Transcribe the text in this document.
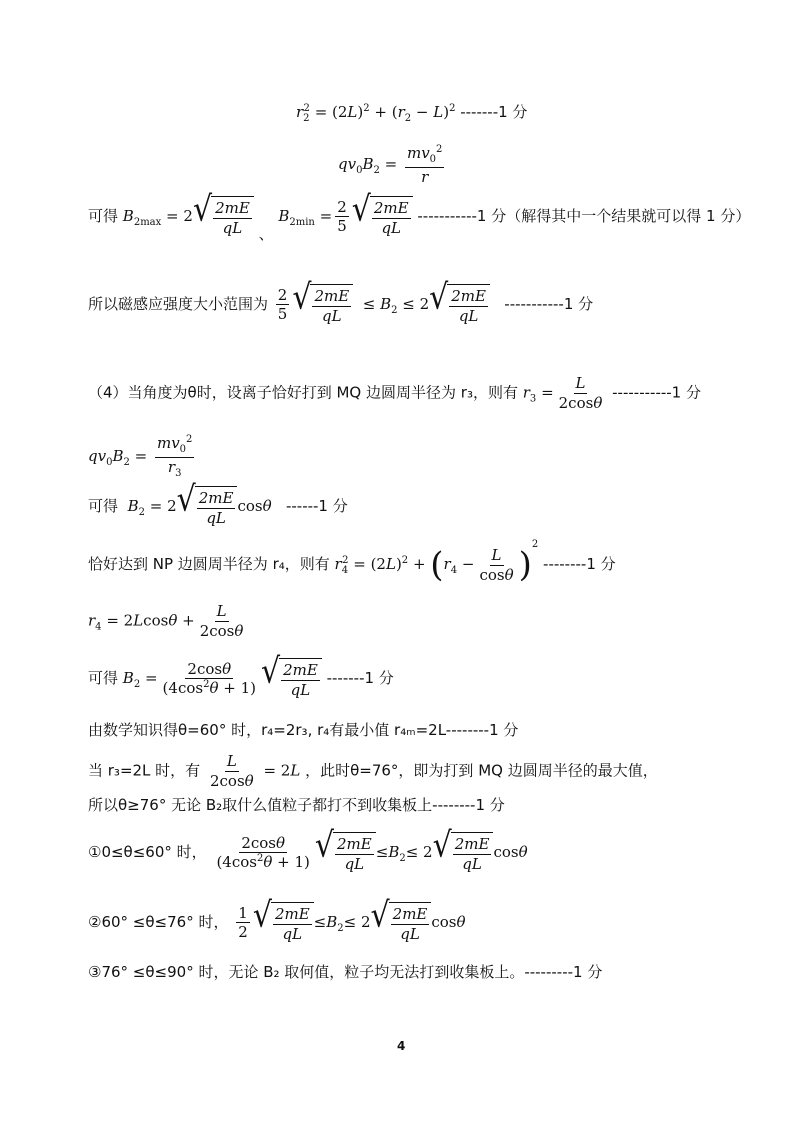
$r_2^2 = (2L)^2 + (r_2 - L)^2$ -------1 分
$qv_0B_2 = \frac{mv_0^2}{r}$
可得 $B_{2max} = 2$ √ $\frac{2mE}{qL}$ 、 $B_{2min} = \frac{2}{5}$ √ $\frac{2mE}{qL} -----------1$ 分（解得其中一个结果就可以得 1 分）
所以磁感应强度大小范围为 $\frac{2}{5}$ √ $\frac{2mE}{qL} \le B_2 \le 2$ √ $\frac{2mE}{qL} -----------1$ 分
（4）当角度为θ时，设离子恰好打到 MQ 边圆周半径为 r₃，则有 $r_3 = \frac{L}{2\cos\theta} -----------1$ 分
$qv_0B_2 = \frac{mv_0^2}{r_3}$
可得 $B_2 = 2$ √ $\frac{2mE}{qL}$ cosθ ------1 分
恰好达到 NP 边圆周半径为 r₄，则有 $r_4^2 = (2L)^2 + (r_4 - \frac{L}{\cos\theta} )^2$ --------1 分
$r_4 = 2Lcos\theta + \frac{L}{2\cos\theta}$
可得 $B_2 = \frac{2\cos\theta}{(4\cos^2\theta + 1)}$ √ $\frac{2mE}{qL} -------1$ 分
由数学知识得θ=60° 时，r₄=2r₃, r₄有最小值 r₄ₘ=2L--------1 分
当 r₃=2L 时，有 $\frac{L}{2\cos\theta} = 2L$ ，此时θ=76°，即为打到 MQ 边圆周半径的最大值，
所以θ≥76° 无论 B₂取什么值粒子都打不到收集板上--------1 分
①0≤θ≤60° 时， $\frac{2\cos\theta}{(4\cos^2\theta + 1)}$ √ $\frac{2mE}{qL} \le B_2\le 2$ √ $\frac{2mE}{qL}$ cosθ
②60° ≤θ≤76° 时， $\frac{1}{2}$ √ $\frac{2mE}{qL} \le B_2\le 2$ √ $\frac{2mE}{qL}$ cosθ
③76° ≤θ≤90° 时，无论 B₂ 取何值，粒子均无法打到收集板上。---------1 分
4
